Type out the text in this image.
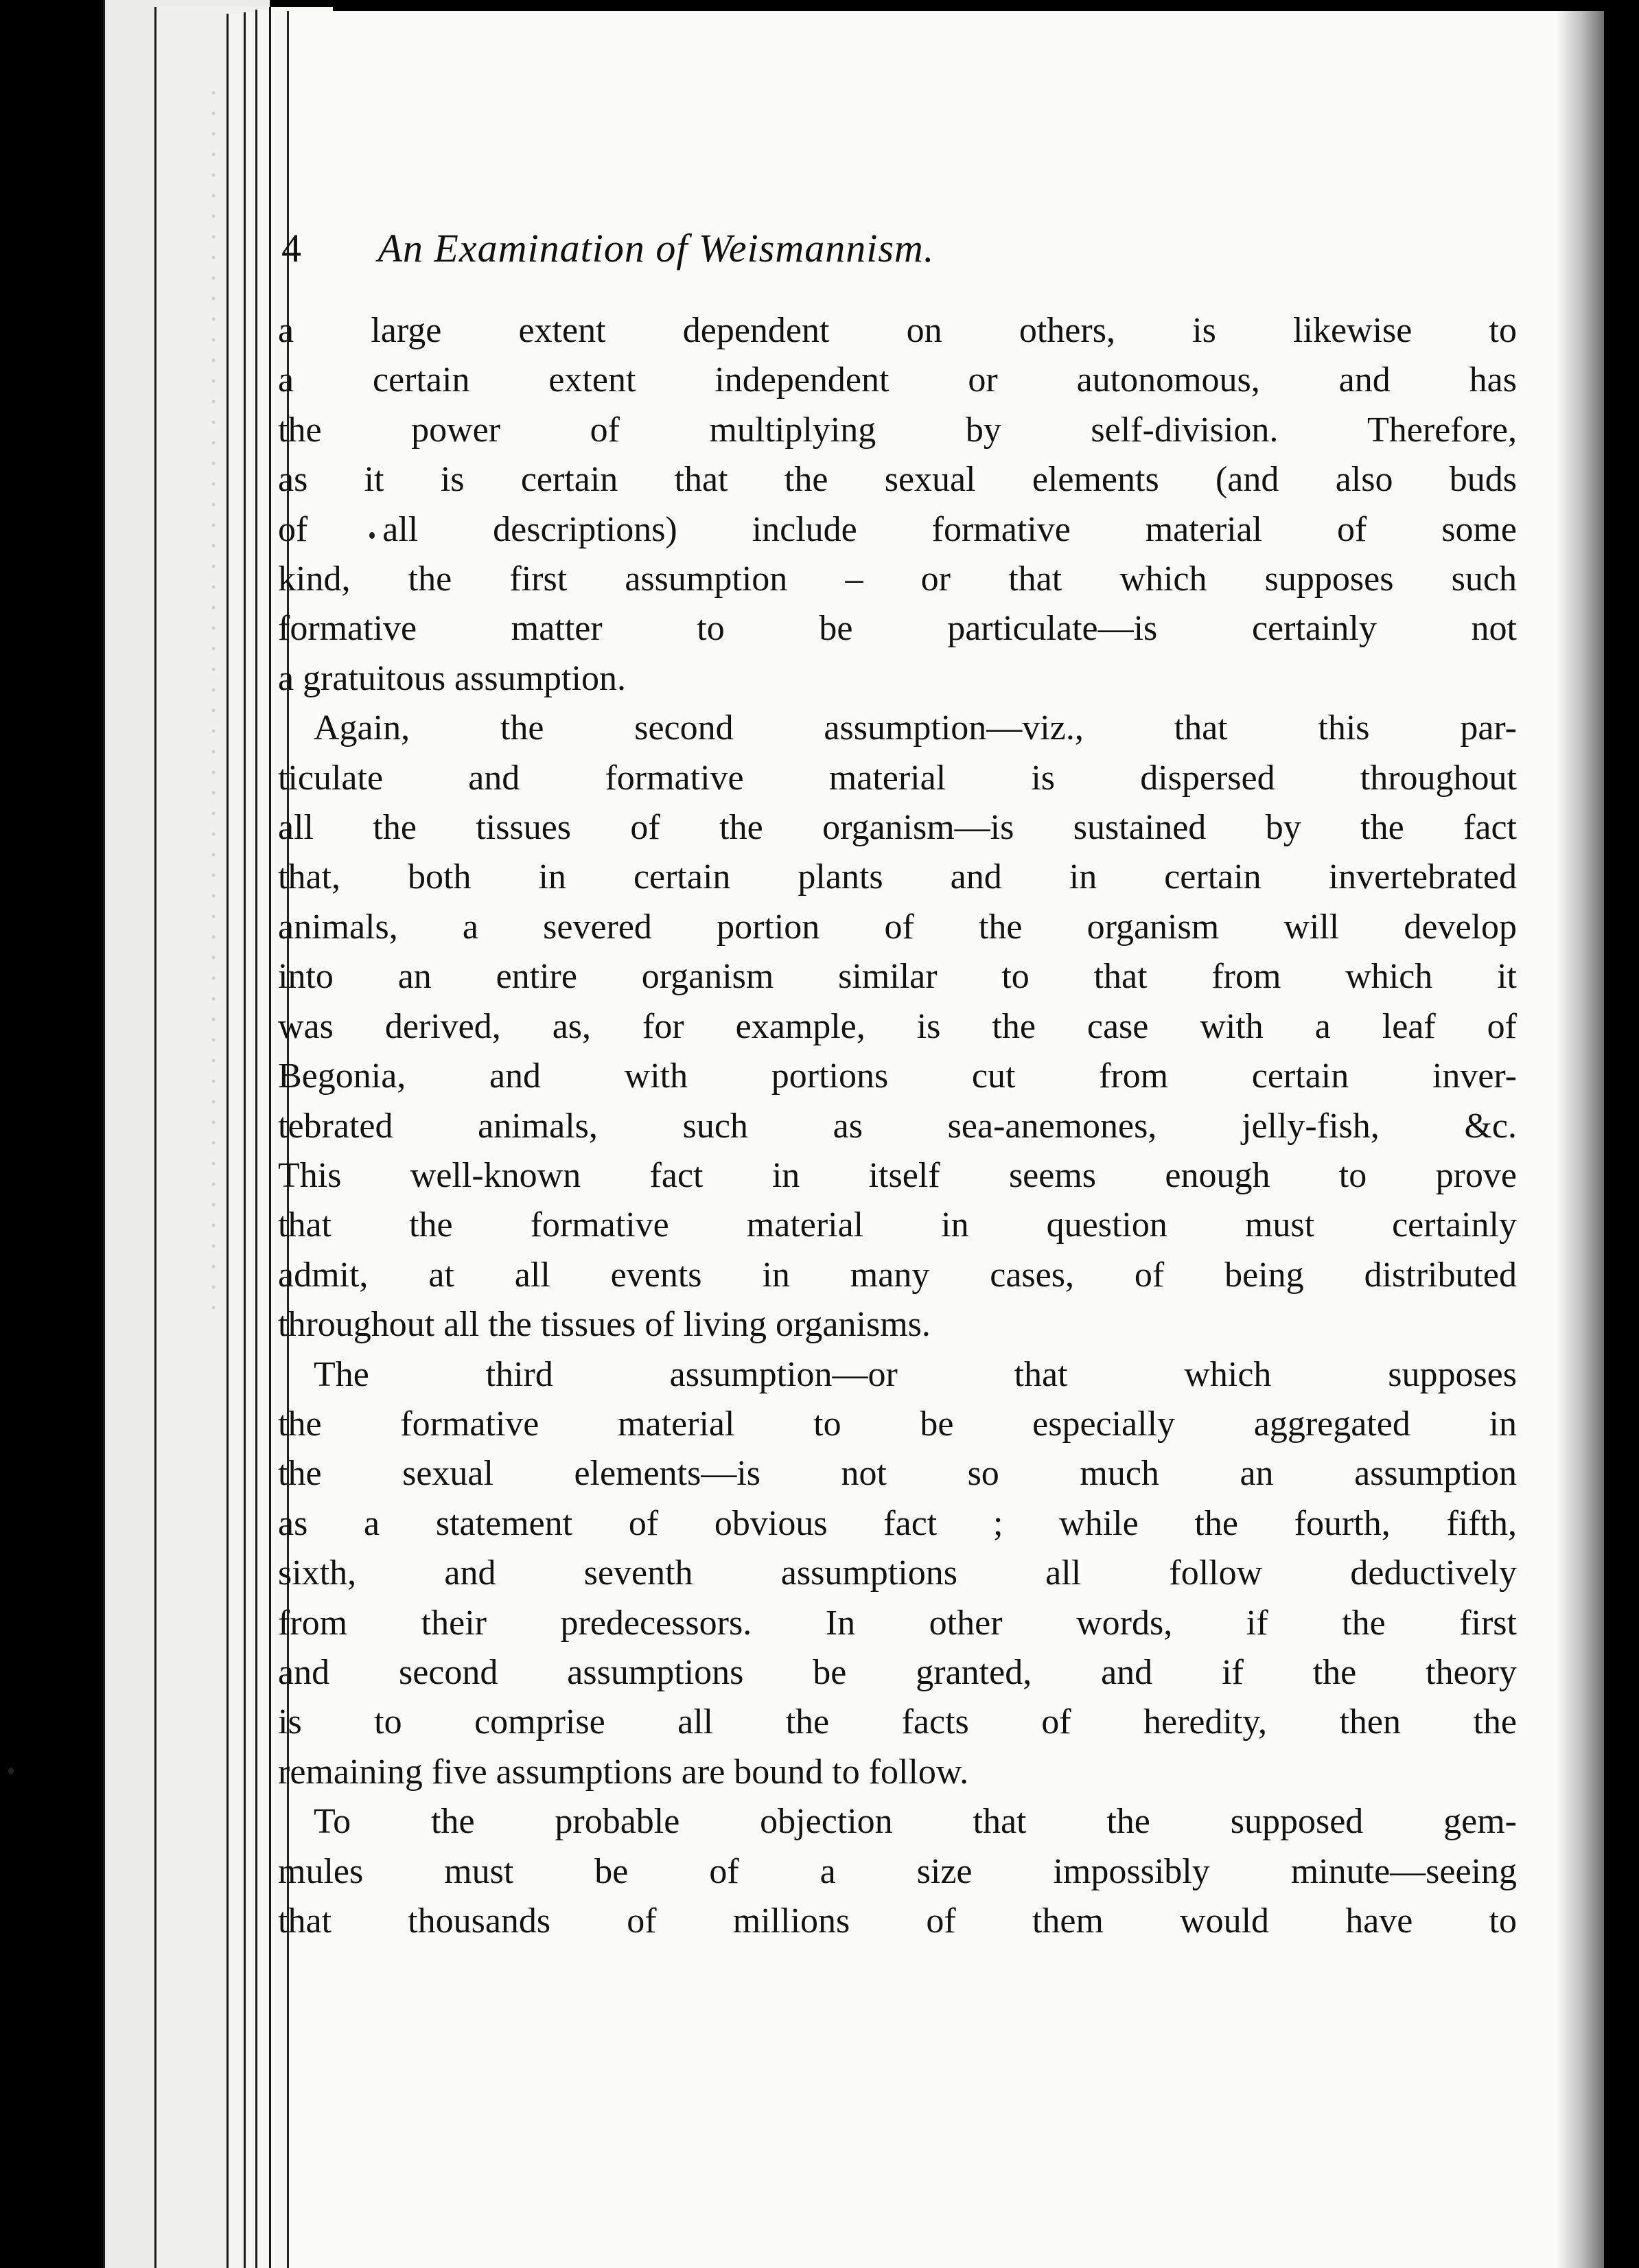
4 An Examination of Weismannism.
a large extent dependent on others, is likewise to
a certain extent independent or autonomous, and has
the power of multiplying by self-division. Therefore,
as it is certain that the sexual elements (and also buds
of all descriptions) include formative material of some
kind, the first assumption – or that which supposes such
formative matter to be particulate—is certainly not
a gratuitous assumption.
Again, the second assumption—viz., that this par-
ticulate and formative material is dispersed throughout
all the tissues of the organism—is sustained by the fact
that, both in certain plants and in certain invertebrated
animals, a severed portion of the organism will develop
into an entire organism similar to that from which it
was derived, as, for example, is the case with a leaf of
Begonia, and with portions cut from certain inver-
tebrated animals, such as sea-anemones, jelly-fish, &c.
This well-known fact in itself seems enough to prove
that the formative material in question must certainly
admit, at all events in many cases, of being distributed
throughout all the tissues of living organisms.
The third assumption—or that which supposes
the formative material to be especially aggregated in
the sexual elements—is not so much an assumption
as a statement of obvious fact ; while the fourth, fifth,
sixth, and seventh assumptions all follow deductively
from their predecessors. In other words, if the first
and second assumptions be granted, and if the theory
is to comprise all the facts of heredity, then the
remaining five assumptions are bound to follow.
To the probable objection that the supposed gem-
mules must be of a size impossibly minute—seeing
that thousands of millions of them would have to
